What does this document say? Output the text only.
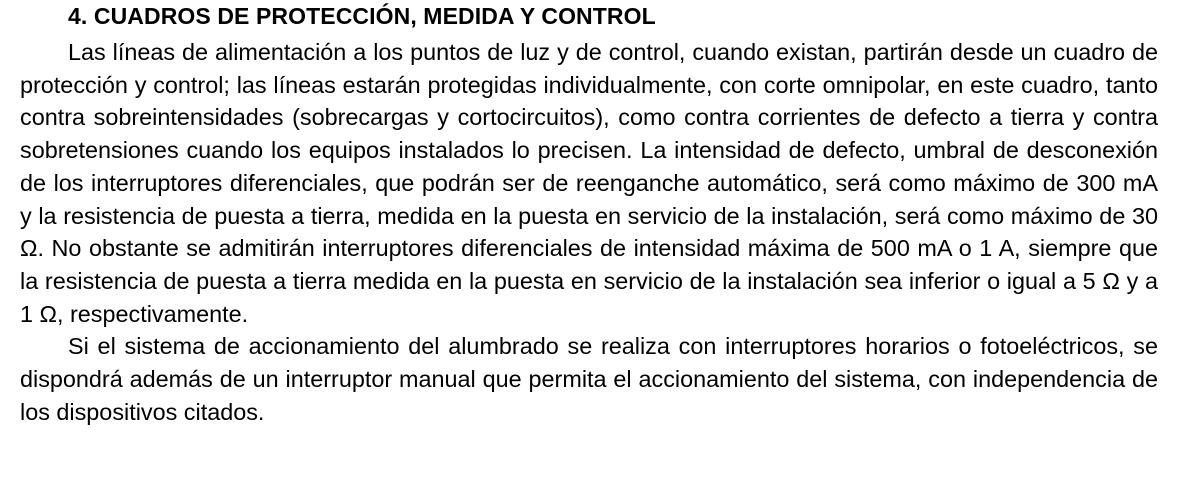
4. CUADROS DE PROTECCIÓN, MEDIDA Y CONTROL

Las líneas de alimentación a los puntos de luz y de control, cuando existan, partirán desde un cuadro de protección y control; las líneas estarán protegidas individualmente, con corte omnipolar, en este cuadro, tanto contra sobreintensidades (sobrecargas y cortocircuitos), como contra corrientes de defecto a tierra y contra sobretensiones cuando los equipos instalados lo precisen. La intensidad de defecto, umbral de desconexión de los interruptores diferenciales, que podrán ser de reenganche automático, será como máximo de 300 mA y la resistencia de puesta a tierra, medida en la puesta en servicio de la instalación, será como máximo de 30 Ω. No obstante se admitirán interruptores diferenciales de intensidad máxima de 500 mA o 1 A, siempre que la resistencia de puesta a tierra medida en la puesta en servicio de la instalación sea inferior o igual a 5 Ω y a 1 Ω, respectivamente.

Si el sistema de accionamiento del alumbrado se realiza con interruptores horarios o fotoeléctricos, se dispondrá además de un interruptor manual que permita el accionamiento del sistema, con independencia de los dispositivos citados.
